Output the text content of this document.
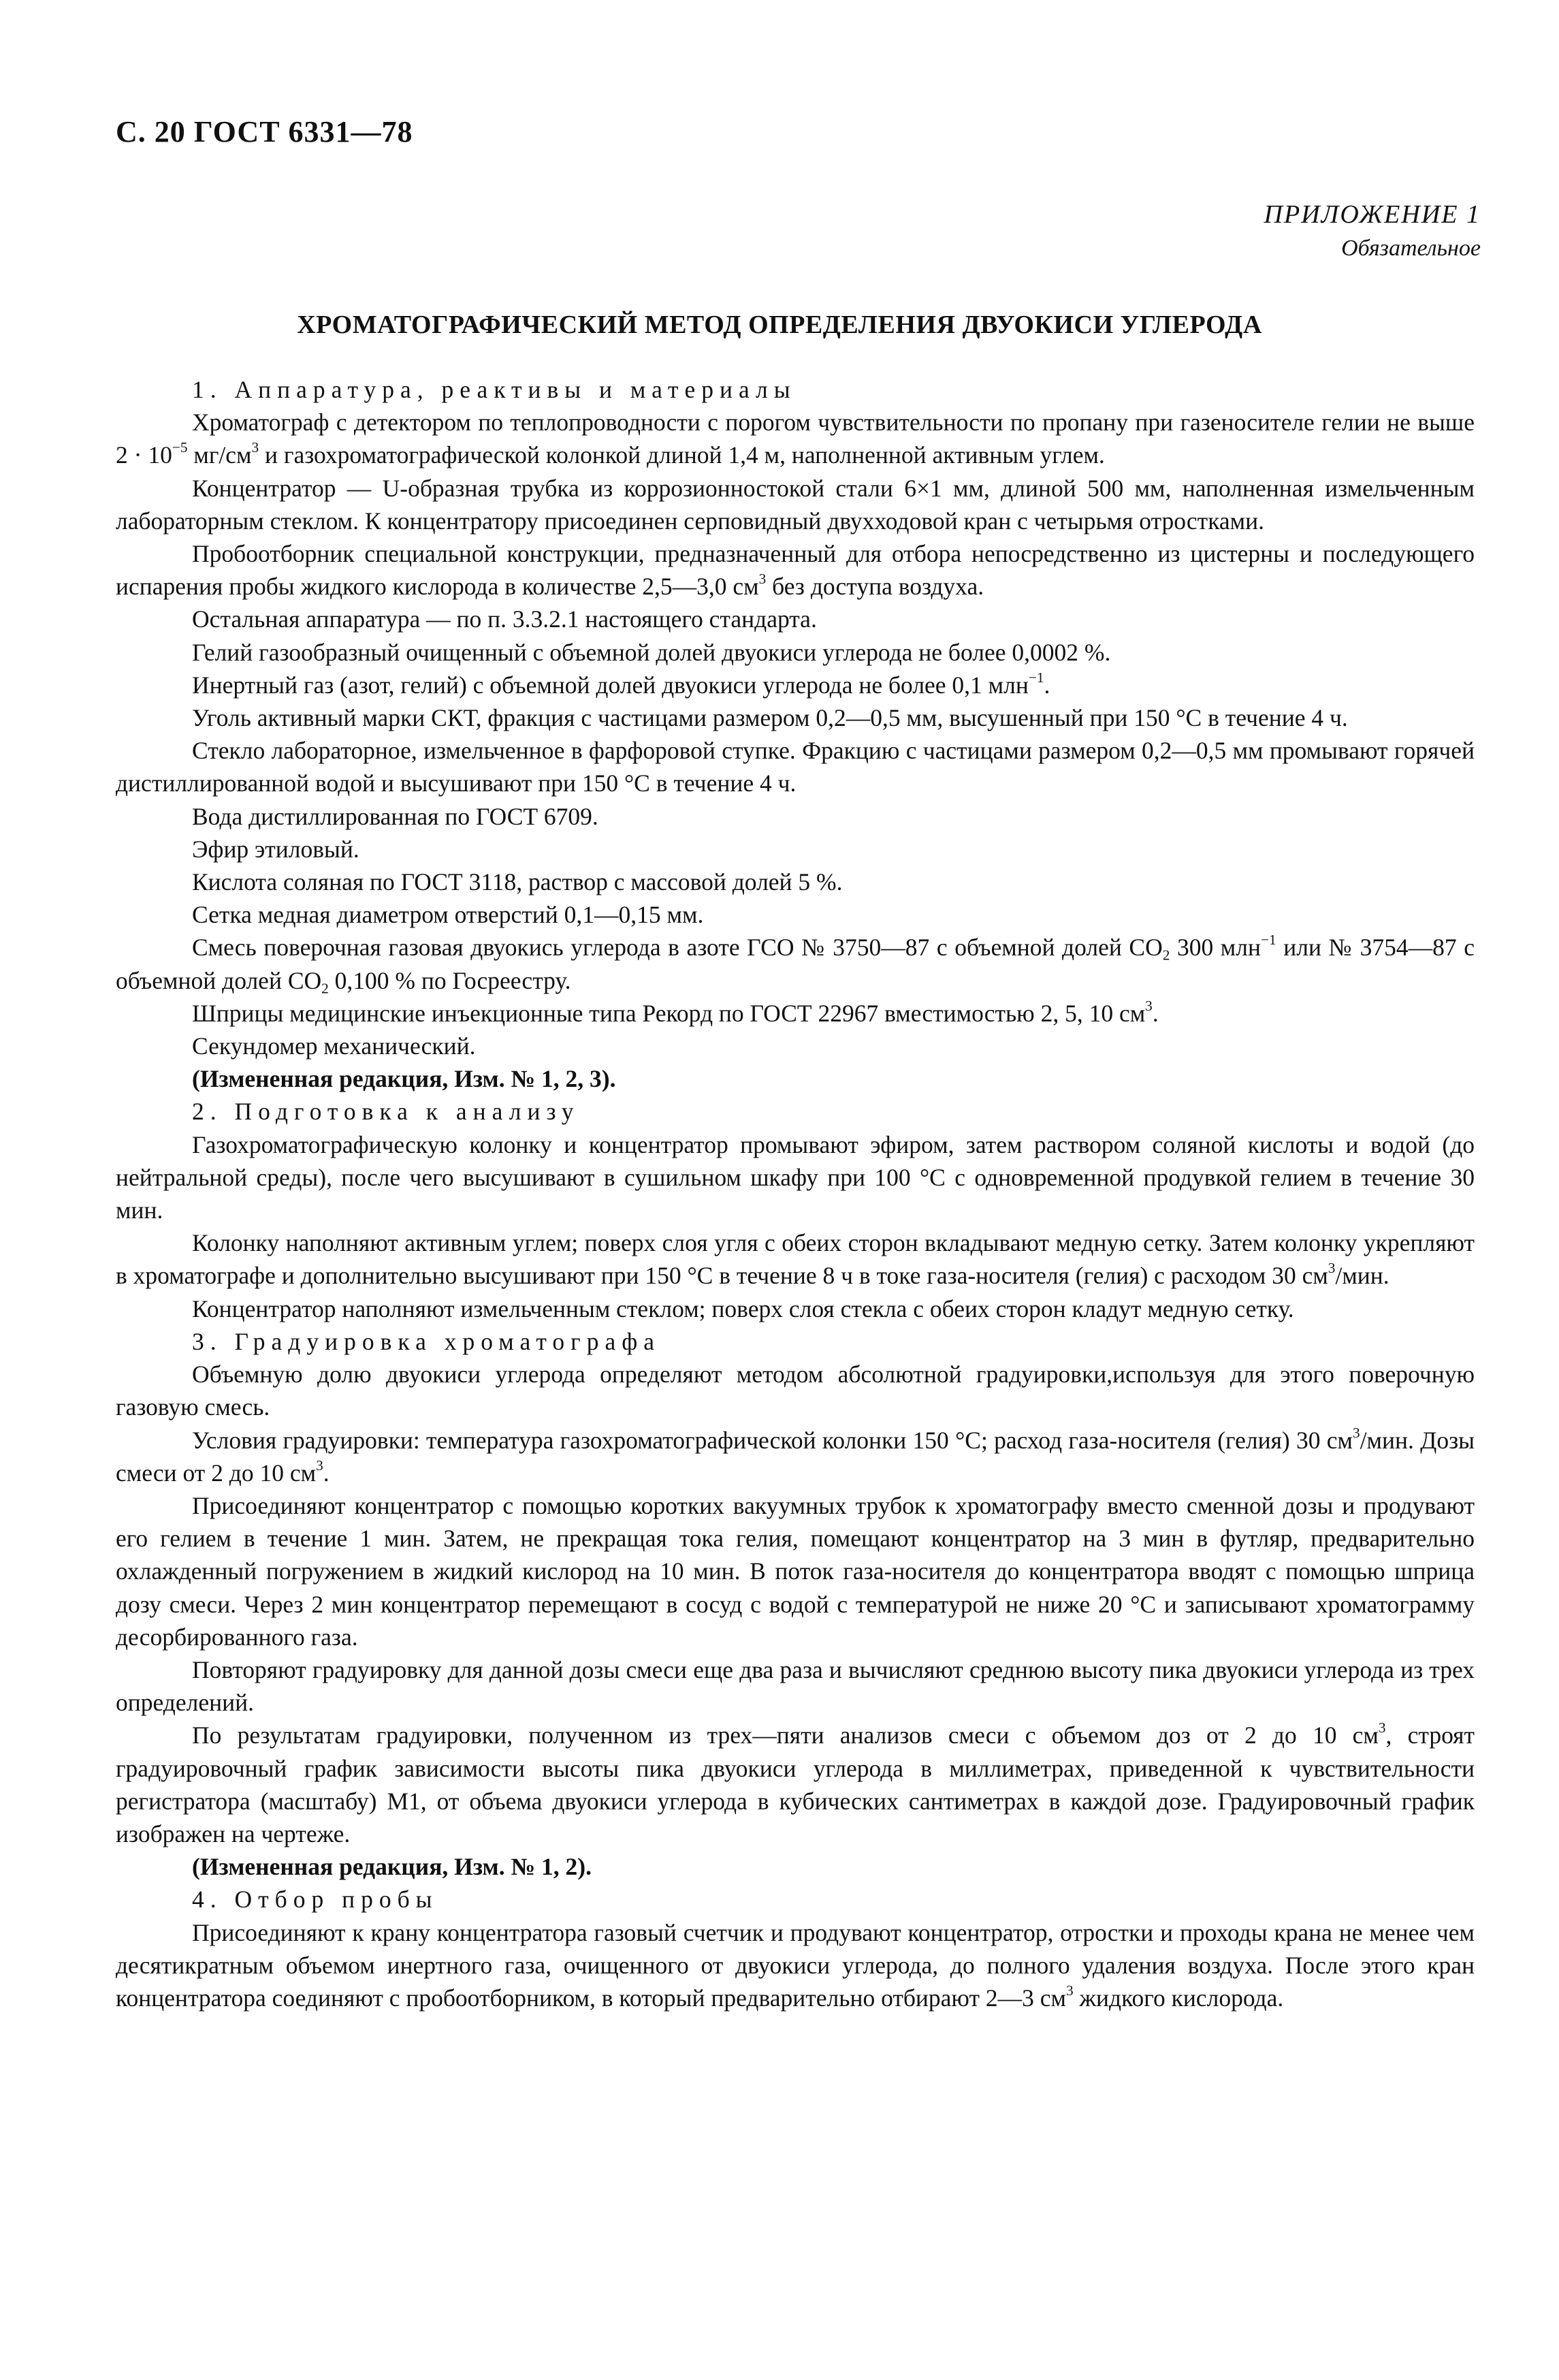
С. 20 ГОСТ 6331—78
ПРИЛОЖЕНИЕ 1
Обязательное
ХРОМАТОГРАФИЧЕСКИЙ МЕТОД ОПРЕДЕЛЕНИЯ ДВУОКИСИ УГЛЕРОДА

1. Аппаратура, реактивы и материалы

Хроматограф с детектором по теплопроводности с порогом чувствительности по пропану при газеносителе гелии не выше $2 \cdot 10^{-5}$ $мг/см^3$ и газохроматографической колонкой длиной 1,4 м, наполненной активным углем.

Концентратор — U-образная трубка из коррозионностокой стали 6×1 мм, длиной 500 мм, наполненная измельченным лабораторным стеклом. К концентратору присоединен серповидный двухходовой кран с четырьмя отростками.

Пробоотборник специальной конструкции, предназначенный для отбора непосредственно из цистерны и последующего испарения пробы жидкого кислорода в количестве 2,5—3,0 $см^3$ без доступа воздуха.

Остальная аппаратура — по п. 3.3.2.1 настоящего стандарта.

Гелий газообразный очищенный с объемной долей двуокиси углерода не более 0,0002 %.

Инертный газ (азот, гелий) с объемной долей двуокиси углерода не более 0,1 млн$^{-1}$.

Уголь активный марки СКТ, фракция с частицами размером 0,2—0,5 мм, высушенный при 150 °С в течение 4 ч.

Стекло лабораторное, измельченное в фарфоровой ступке. Фракцию с частицами размером 0,2—0,5 мм промывают горячей дистиллированной водой и высушивают при 150 °С в течение 4 ч.

Вода дистиллированная по ГОСТ 6709.

Эфир этиловый.

Кислота соляная по ГОСТ 3118, раствор с массовой долей 5 %.

Сетка медная диаметром отверстий 0,1—0,15 мм.

Смесь поверочная газовая двуокись углерода в азоте ГСО № 3750—87 с объемной долей $CO_2$ 300 млн$^{-1}$ или № 3754—87 с объемной долей $CO_2$ 0,100 % по Госреестру.

Шприцы медицинские инъекционные типа Рекорд по ГОСТ 22967 вместимостью 2, 5, 10 $см^3$.

Секундомер механический.

(Измененная редакция, Изм. № 1, 2, 3).

2. Подготовка к анализу

Газохроматографическую колонку и концентратор промывают эфиром, затем раствором соляной кислоты и водой (до нейтральной среды), после чего высушивают в сушильном шкафу при 100 °С с одновременной продувкой гелием в течение 30 мин.

Колонку наполняют активным углем; поверх слоя угля с обеих сторон вкладывают медную сетку. Затем колонку укрепляют в хроматографе и дополнительно высушивают при 150 °С в течение 8 ч в токе газа-носителя (гелия) с расходом 30 $см^3$/мин.

Концентратор наполняют измельченным стеклом; поверх слоя стекла с обеих сторон кладут медную сетку.

3. Градуировка хроматографа

Объемную долю двуокиси углерода определяют методом абсолютной градуировки,используя для этого поверочную газовую смесь.

Условия градуировки: температура газохроматографической колонки 150 °С; расход газа-носителя (гелия) 30 $см^3$/мин. Дозы смеси от 2 до 10 $см^3$.

Присоединяют концентратор с помощью коротких вакуумных трубок к хроматографу вместо сменной дозы и продувают его гелием в течение 1 мин. Затем, не прекращая тока гелия, помещают концентратор на 3 мин в футляр, предварительно охлажденный погружением в жидкий кислород на 10 мин. В поток газа-носителя до концентратора вводят с помощью шприца дозу смеси. Через 2 мин концентратор перемещают в сосуд с водой с температурой не ниже 20 °С и записывают хроматограмму десорбированного газа.

Повторяют градуировку для данной дозы смеси еще два раза и вычисляют среднюю высоту пика двуокиси углерода из трех определений.

По результатам градуировки, полученном из трех—пяти анализов смеси с объемом доз от 2 до 10 $см^3$, строят градуировочный график зависимости высоты пика двуокиси углерода в миллиметрах, приведенной к чувствительности регистратора (масштабу) М1, от объема двуокиси углерода в кубических сантиметрах в каждой дозе. Градуировочный график изображен на чертеже.

(Измененная редакция, Изм. № 1, 2).

4. Отбор пробы

Присоединяют к крану концентратора газовый счетчик и продувают концентратор, отростки и проходы крана не менее чем десятикратным объемом инертного газа, очищенного от двуокиси углерода, до полного удаления воздуха. После этого кран концентратора соединяют с пробоотборником, в который предварительно отбирают 2—3 $см^3$ жидкого кислорода.
